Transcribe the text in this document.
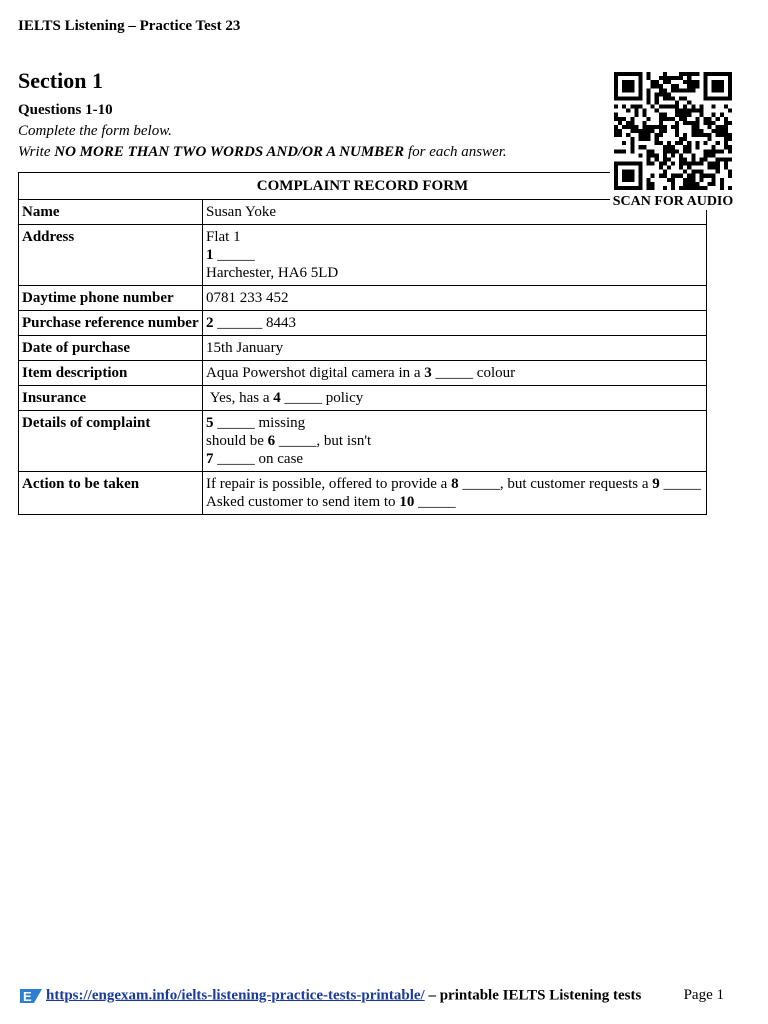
IELTS Listening – Practice Test 23
Section 1
Questions 1-10
Complete the form below.
Write NO MORE THAN TWO WORDS AND/OR A NUMBER for each answer.
COMPLAINT RECORD FORM	
Name	Susan Yoke
Address	Flat 1
1 _____
Harchester, HA6 5LD

Daytime phone number	0781 233 452
Purchase reference number	2 ______ 8443
Date of purchase	15th January
Item description	Aqua Powershot digital camera in a 3 _____ colour
Insurance	Yes, has a 4 _____ policy
Details of complaint	5 _____ missing
should be 6 _____, but isn't
7 _____ on case

Action to be taken	If repair is possible, offered to provide a 8 _____, but customer requests a 9 _____
Asked customer to send item to 10 _____
SCAN FOR AUDIO
E https://engexam.info/ielts-listening-practice-tests-printable/ – printable IELTS Listening tests	Page 1
